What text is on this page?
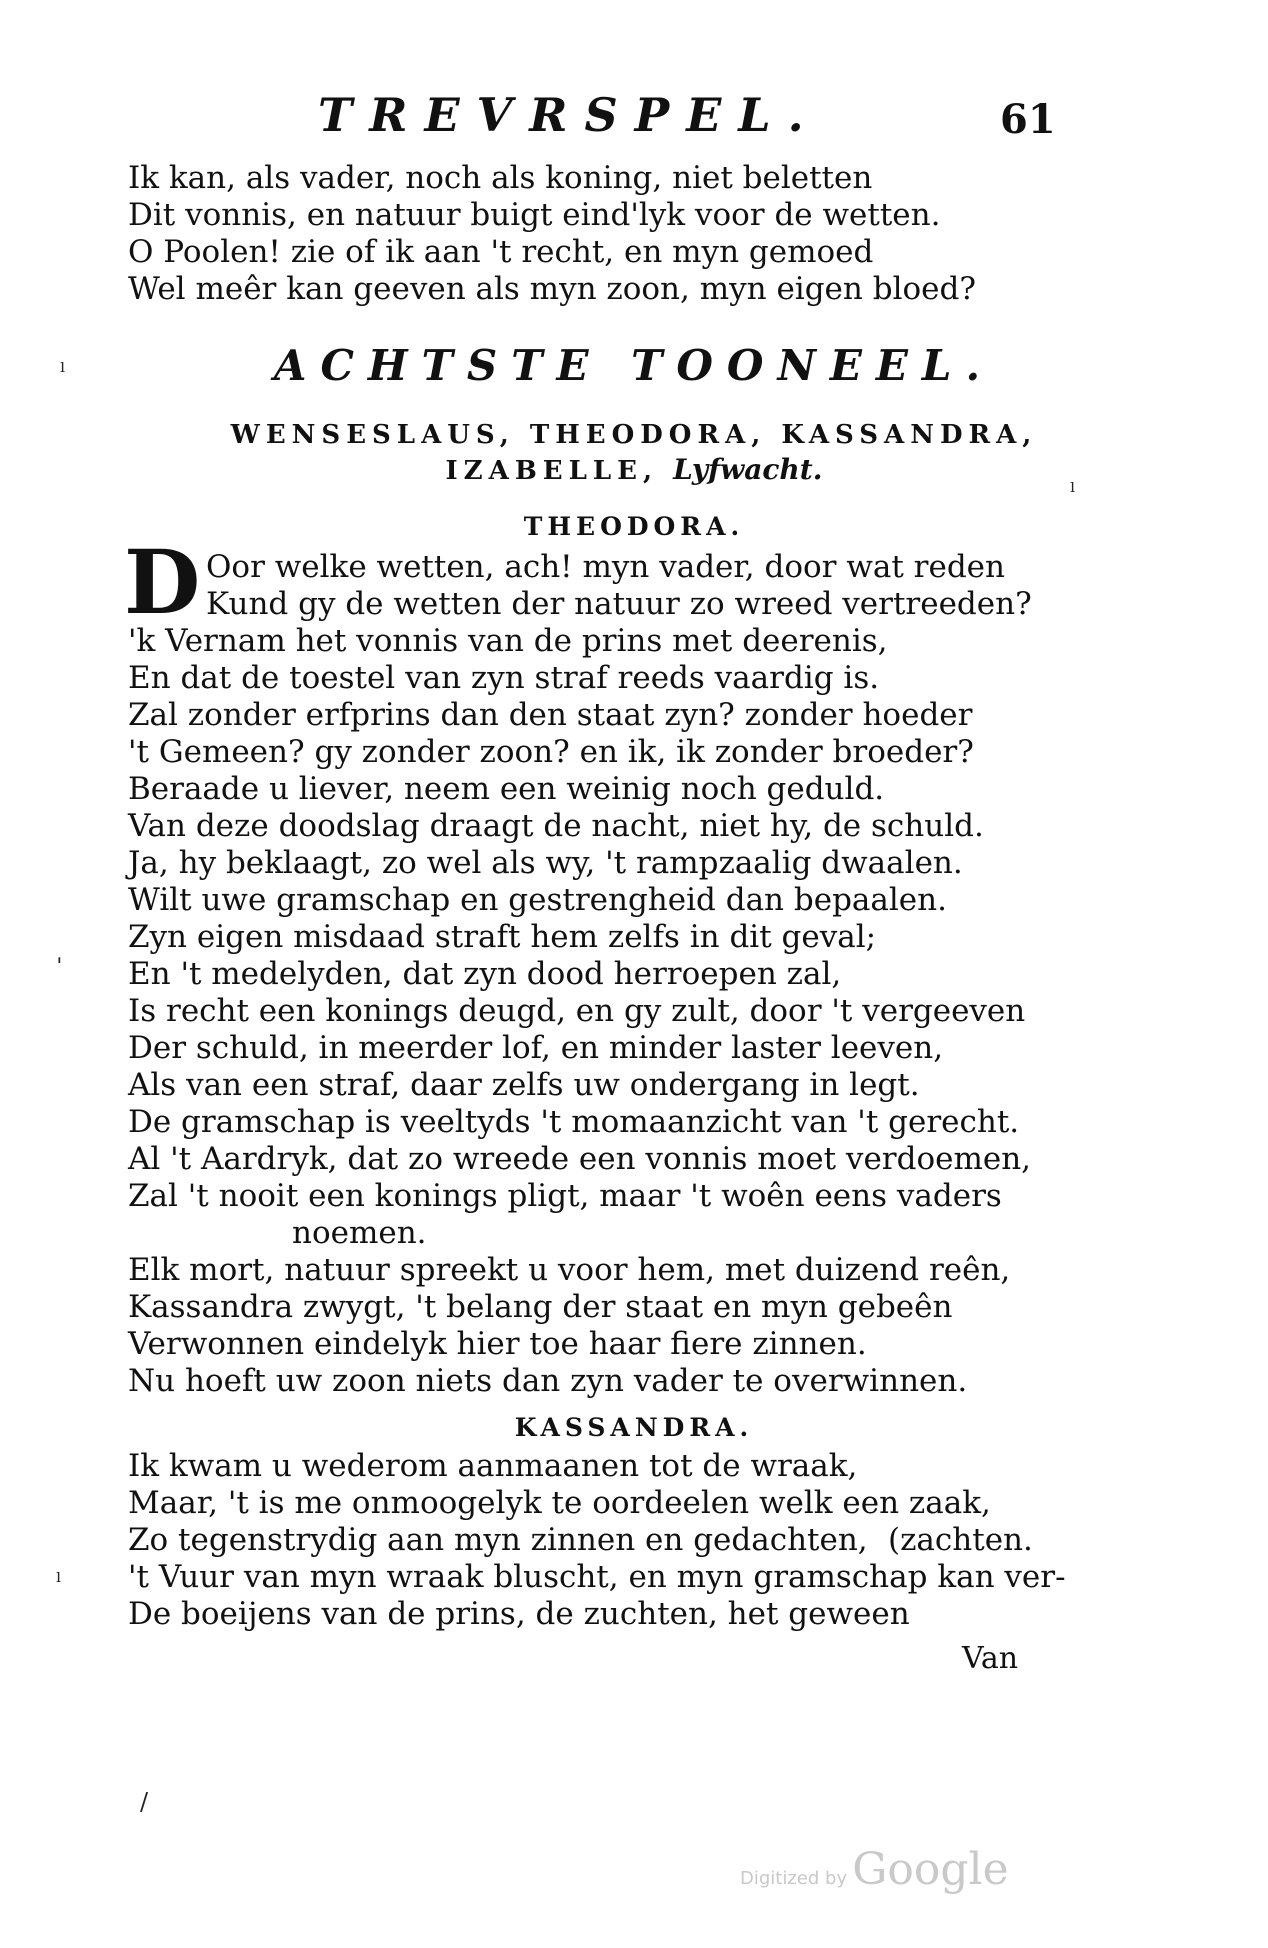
TREVRSPEL.	61
Ik kan, als vader, noch als koning, niet beletten
Dit vonnis, en natuur buigt eind'lyk voor de wetten.
O Poolen! zie of ik aan 't recht, en myn gemoed
Wel meêr kan geeven als myn zoon, myn eigen bloed?
ACHTSTE TOONEEL.
WENSESLAUS, THEODORA, KASSANDRA,
IZABELLE, Lyfwacht.
THEODORA.
D Oor welke wetten, ach! myn vader, door wat reden
Kund gy de wetten der natuur zo wreed vertreeden?
'k Vernam het vonnis van de prins met deerenis,
En dat de toestel van zyn straf reeds vaardig is.
Zal zonder erfprins dan den staat zyn? zonder hoeder
't Gemeen? gy zonder zoon? en ik, ik zonder broeder?
Beraade u liever, neem een weinig noch geduld.
Van deze doodslag draagt de nacht, niet hy, de schuld.
Ja, hy beklaagt, zo wel als wy, 't rampzaalig dwaalen.
Wilt uwe gramschap en gestrengheid dan bepaalen.
Zyn eigen misdaad straft hem zelfs in dit geval;
En 't medelyden, dat zyn dood herroepen zal,
Is recht een konings deugd, en gy zult, door 't vergeeven
Der schuld, in meerder lof, en minder laster leeven,
Als van een straf, daar zelfs uw ondergang in legt.
De gramschap is veeltyds 't momaanzicht van 't gerecht.
Al 't Aardryk, dat zo wreede een vonnis moet verdoemen,
Zal 't nooit een konings pligt, maar 't woên eens vaders
noemen.
Elk mort, natuur spreekt u voor hem, met duizend reên,
Kassandra zwygt, 't belang der staat en myn gebeên
Verwonnen eindelyk hier toe haar fiere zinnen.
Nu hoeft uw zoon niets dan zyn vader te overwinnen.
KASSANDRA.
Ik kwam u wederom aanmaanen tot de wraak,
Maar, 't is me onmoogelyk te oordeelen welk een zaak,
Zo tegenstrydig aan myn zinnen en gedachten, (zachten.
't Vuur van myn wraak bluscht, en myn gramschap kan ver-
De boeijens van de prins, de zuchten, het geween
Van
ˡ
ˌ
ˡ
/
ˡ
Digitized by Google
